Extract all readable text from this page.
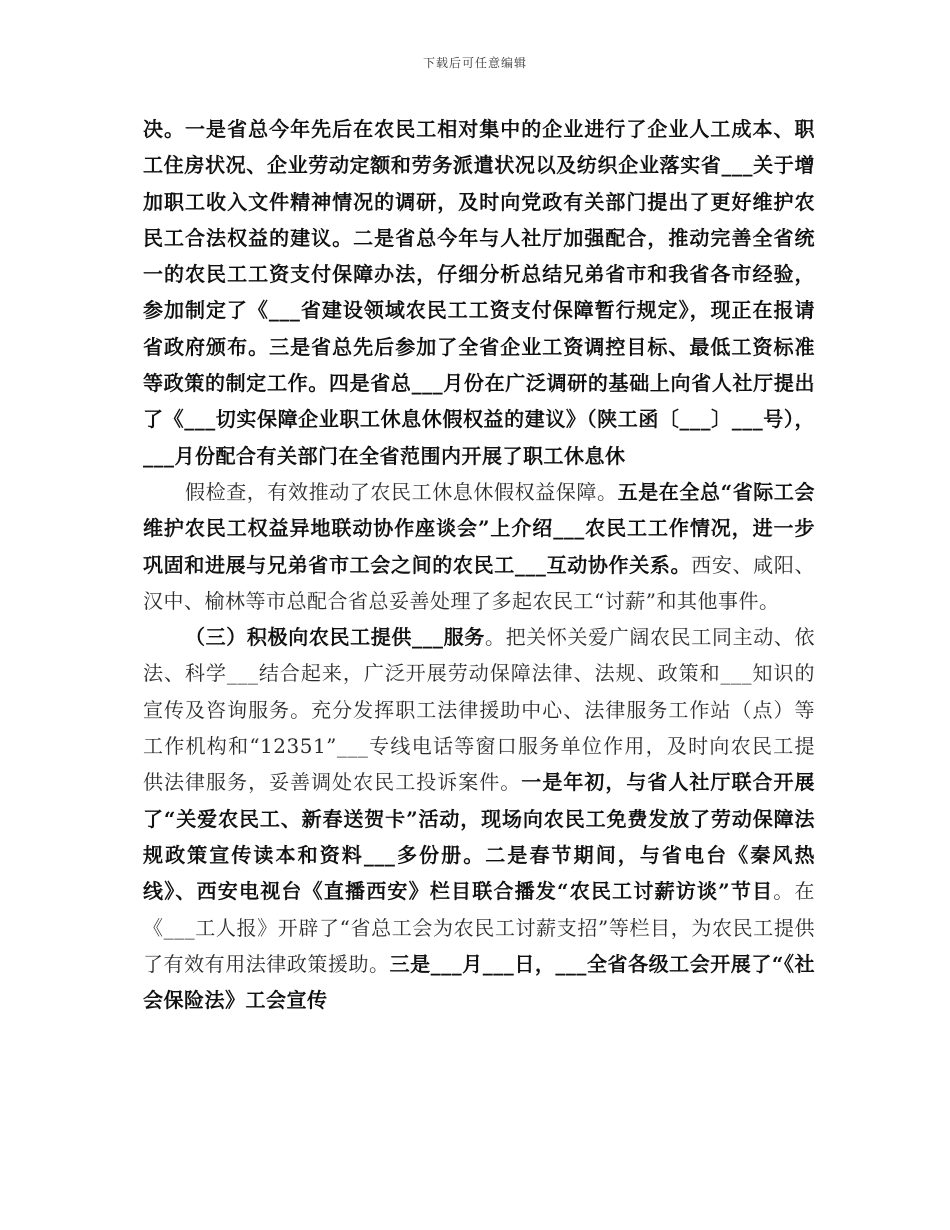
下载后可任意编辑

决。一是省总今年先后在农民工相对集中的企业进行了企业人工成本、职工住房状况、企业劳动定额和劳务派遣状况以及纺织企业落实省___关于增加职工收入文件精神情况的调研，及时向党政有关部门提出了更好维护农民工合法权益的建议。二是省总今年与人社厅加强配合，推动完善全省统一的农民工工资支付保障办法，仔细分析总结兄弟省市和我省各市经验，参加制定了《___省建设领域农民工工资支付保障暂行规定》，现正在报请省政府颁布。三是省总先后参加了全省企业工资调控目标、最低工资标准等政策的制定工作。四是省总___月份在广泛调研的基础上向省人社厅提出了《___切实保障企业职工休息休假权益的建议》（陕工函〔___〕___号），___月份配合有关部门在全省范围内开展了职工休息休

假检查，有效推动了农民工休息休假权益保障。五是在全总“省际工会维护农民工权益异地联动协作座谈会”上介绍___农民工工作情况，进一步巩固和进展与兄弟省市工会之间的农民工___互动协作关系。西安、咸阳、汉中、榆林等市总配合省总妥善处理了多起农民工“讨薪”和其他事件。

（三）积极向农民工提供___服务。把关怀关爱广阔农民工同主动、依法、科学___结合起来，广泛开展劳动保障法律、法规、政策和___知识的宣传及咨询服务。充分发挥职工法律援助中心、法律服务工作站（点）等工作机构和“12351”___专线电话等窗口服务单位作用，及时向农民工提供法律服务，妥善调处农民工投诉案件。一是年初，与省人社厅联合开展了“关爱农民工、新春送贺卡”活动，现场向农民工免费发放了劳动保障法规政策宣传读本和资料___多份册。二是春节期间，与省电台《秦风热线》、西安电视台《直播西安》栏目联合播发“农民工讨薪访谈”节目。在《___工人报》开辟了“省总工会为农民工讨薪支招”等栏目，为农民工提供了有效有用法律政策援助。三是___月___日，___全省各级工会开展了“《社会保险法》工会宣传
